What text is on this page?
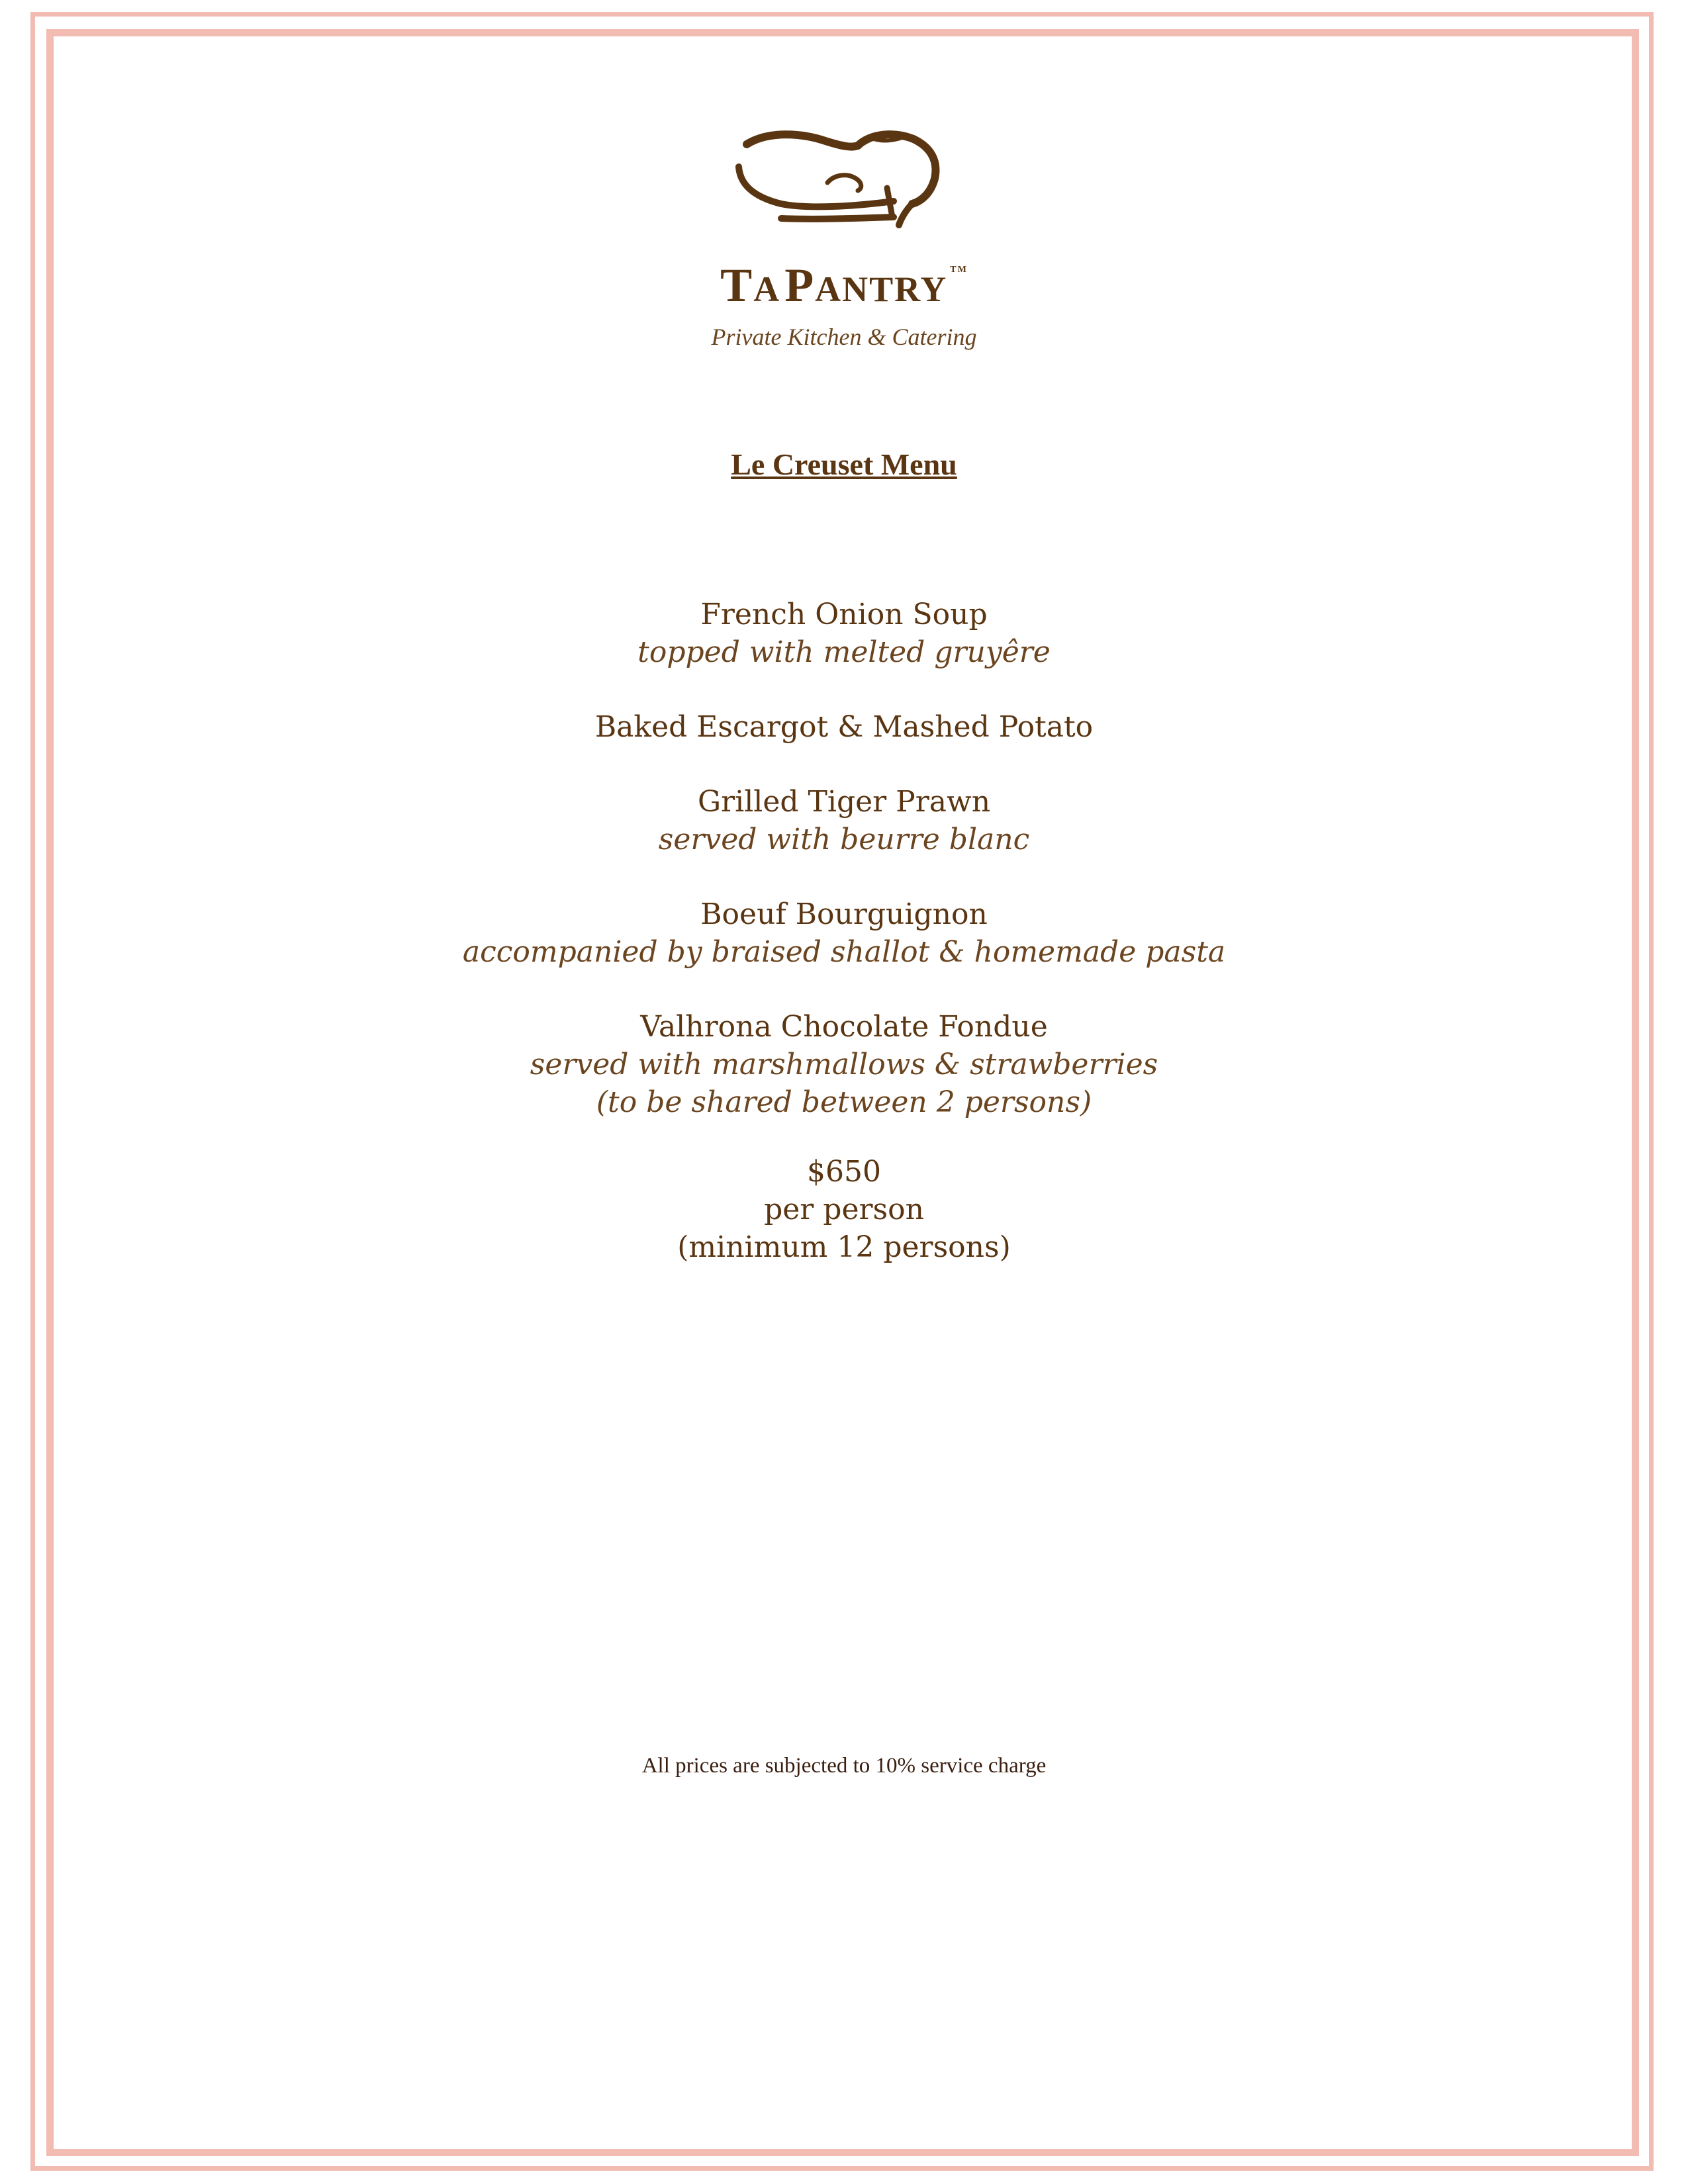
TA PANTRY TM
Private Kitchen & Catering
Le Creuset Menu
French Onion Soup
topped with melted gruyêre
Baked Escargot & Mashed Potato
Grilled Tiger Prawn
served with beurre blanc
Boeuf Bourguignon
accompanied by braised shallot & homemade pasta
Valhrona Chocolate Fondue
served with marshmallows & strawberries
(to be shared between 2 persons)
$650
per person
(minimum 12 persons)
All prices are subjected to 10% service charge
